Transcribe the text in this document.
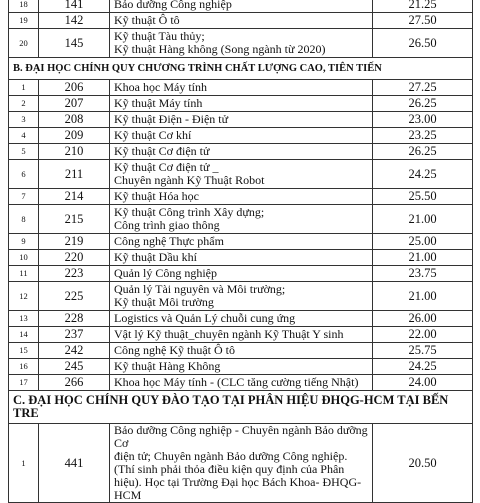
18	141	Bảo dưỡng Công nghiệp	21.25
19	142	Kỹ thuật Ô tô	27.50
20	145	Kỹ thuật Tàu thủy;
Kỹ thuật Hàng không (Song ngành từ 2020)	26.50
B. ĐẠI HỌC CHÍNH QUY CHƯƠNG TRÌNH CHẤT LƯỢNG CAO, TIÊN TIẾN			
1	206	Khoa học Máy tính	27.25
2	207	Kỹ thuật Máy tính	26.25
3	208	Kỹ thuật Điện - Điện tử	23.00
4	209	Kỹ thuật Cơ khí	23.25
5	210	Kỹ thuật Cơ điện tử	26.25
6	211	Kỹ thuật Cơ điện tử _
Chuyên ngành Kỹ Thuật Robot	24.25
7	214	Kỹ thuật Hóa học	25.50
8	215	Kỹ thuật Công trình Xây dựng;
Công trình giao thông	21.00
9	219	Công nghệ Thực phẩm	25.00
10	220	Kỹ thuật Dầu khí	21.00
11	223	Quản lý Công nghiệp	23.75
12	225	Quản lý Tài nguyên và Môi trường;
Kỹ thuật Môi trường	21.00
13	228	Logistics và Quản Lý chuỗi cung ứng	26.00
14	237	Vật lý Kỹ thuật_chuyên ngành Kỹ Thuật Y sinh	22.00
15	242	Công nghệ Kỹ thuật Ô tô	25.75
16	245	Kỹ thuật Hàng Không	24.25
17	266	Khoa học Máy tính - (CLC tăng cường tiếng Nhật)	24.00
C. ĐẠI HỌC CHÍNH QUY ĐÀO TẠO TẠI PHÂN HIỆU ĐHQG-HCM TẠI BẾN TRE			
1	441	Bảo dưỡng Công nghiệp - Chuyên ngành Bảo dưỡng Cơ
điện tử; Chuyên ngành Bảo dưỡng Công nghiệp.
(Thí sinh phải thỏa điều kiện quy định của Phân
hiệu). Học tại Trường Đại học Bách Khoa- ĐHQG-HCM	20.50
